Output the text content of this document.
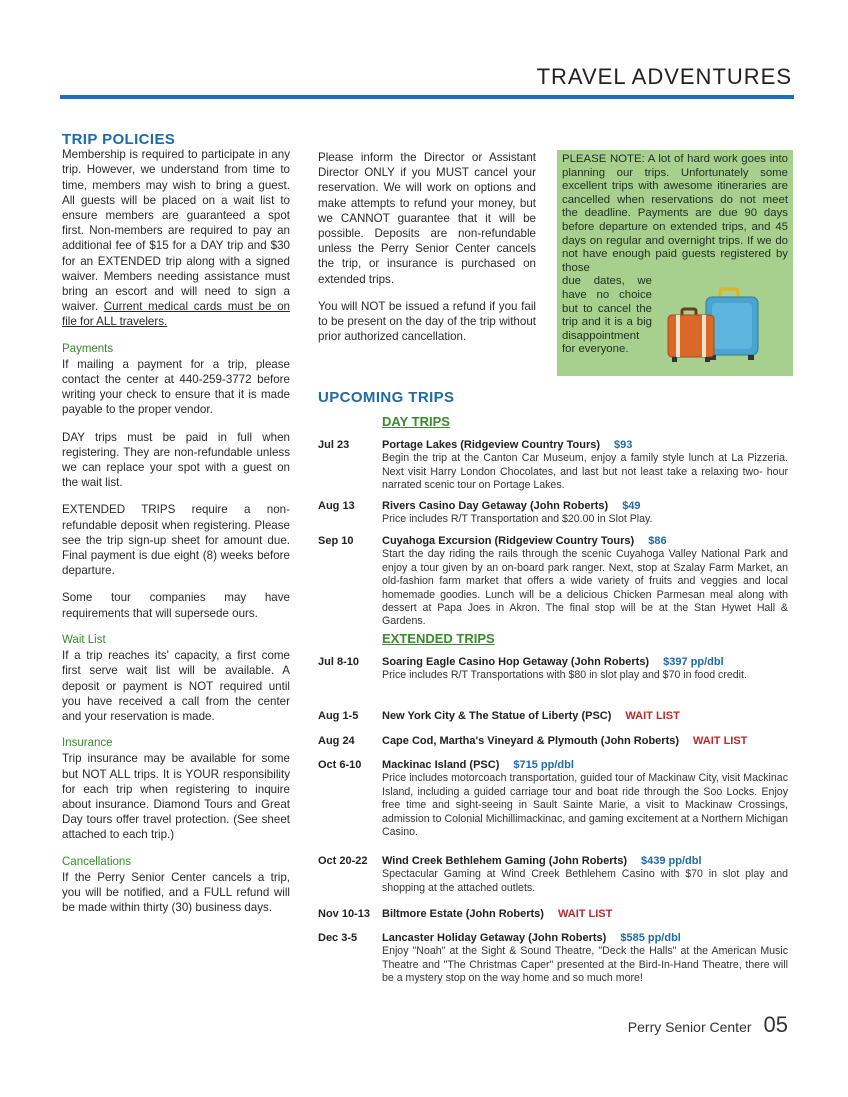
TRAVEL ADVENTURES
TRIP POLICIES

Membership is required to participate in any trip. However, we understand from time to time, members may wish to bring a guest. All guests will be placed on a wait list to ensure members are guaranteed a spot first. Non-members are required to pay an additional fee of $15 for a DAY trip and $30 for an EXTENDED trip along with a signed waiver. Members needing assistance must bring an escort and will need to sign a waiver. Current medical cards must be on file for ALL travelers.

Payments

If mailing a payment for a trip, please contact the center at 440-259-3772 before writing your check to ensure that it is made payable to the proper vendor.

DAY trips must be paid in full when registering. They are non-refundable unless we can replace your spot with a guest on the wait list.

EXTENDED TRIPS require a non-refundable deposit when registering. Please see the trip sign-up sheet for amount due. Final payment is due eight (8) weeks before departure.

Some tour companies may have requirements that will supersede ours.

Wait List

If a trip reaches its' capacity, a first come first serve wait list will be available. A deposit or payment is NOT required until you have received a call from the center and your reservation is made.

Insurance

Trip insurance may be available for some but NOT ALL trips. It is YOUR responsibility for each trip when registering to inquire about insurance. Diamond Tours and Great Day tours offer travel protection. (See sheet attached to each trip.)

Cancellations

If the Perry Senior Center cancels a trip, you will be notified, and a FULL refund will be made within thirty (30) business days.

Please inform the Director or Assistant Director ONLY if you MUST cancel your reservation. We will work on options and make attempts to refund your money, but we CANNOT guarantee that it will be possible. Deposits are non-refundable unless the Perry Senior Center cancels the trip, or insurance is purchased on extended trips.

You will NOT be issued a refund if you fail to be present on the day of the trip without prior authorized cancellation.

PLEASE NOTE: A lot of hard work goes into planning our trips. Unfortunately some excellent trips with awesome itineraries are cancelled when reservations do not meet the deadline. Payments are due 90 days before departure on extended trips, and 45 days on regular and overnight trips. If we do not have enough paid guests registered by those
due dates, we have no choice but to cancel the trip and it is a big disappointment for everyone.
UPCOMING TRIPS
DAY TRIPS
Jul 23	Portage Lakes (Ridgeview Country Tours) $93
Begin the trip at the Canton Car Museum, enjoy a family style lunch at La Pizzeria. Next visit Harry London Chocolates, and last but not least take a relaxing two- hour narrated scenic tour on Portage Lakes.
Aug 13 Rivers Casino Day Getaway (John Roberts) $49
Price includes R/T Transportation and $20.00 in Slot Play.
Sep 10	Cuyahoga Excursion (Ridgeview Country Tours) $86
Start the day riding the rails through the scenic Cuyahoga Valley National Park and enjoy a tour given by an on-board park ranger. Next, stop at Szalay Farm Market, an old-fashion farm market that offers a wide variety of fruits and veggies and local homemade goodies. Lunch will be a delicious Chicken Parmesan meal along with dessert at Papa Joes in Akron. The final stop will be at the Stan Hywet Hall & Gardens.
EXTENDED TRIPS
Jul 8-10 Soaring Eagle Casino Hop Getaway (John Roberts) $397 pp/dbl
Price includes R/T Transportations with $80 in slot play and $70 in food credit.
Aug 1-5 New York City & The Statue of Liberty (PSC) WAIT LIST
Aug 24 Cape Cod, Martha's Vineyard & Plymouth (John Roberts) WAIT LIST
Oct 6-10 Mackinac Island (PSC) $715 pp/dbl
Price includes motorcoach transportation, guided tour of Mackinaw City, visit Mackinac Island, including a guided carriage tour and boat ride through the Soo Locks. Enjoy free time and sight-seeing in Sault Sainte Marie, a visit to Mackinaw Crossings, admission to Colonial Michillimackinac, and gaming excitement at a Northern Michigan Casino.
Oct 20-22 Wind Creek Bethlehem Gaming (John Roberts) $439 pp/dbl
Spectacular Gaming at Wind Creek Bethlehem Casino with $70 in slot play and shopping at the attached outlets.
Nov 10-13 Biltmore Estate (John Roberts) WAIT LIST
Dec 3-5 Lancaster Holiday Getaway (John Roberts) $585 pp/dbl
Enjoy "Noah" at the Sight & Sound Theatre, "Deck the Halls" at the American Music Theatre and "The Christmas Caper" presented at the Bird-In-Hand Theatre, there will be a mystery stop on the way home and so much more!
Perry Senior Center 05
